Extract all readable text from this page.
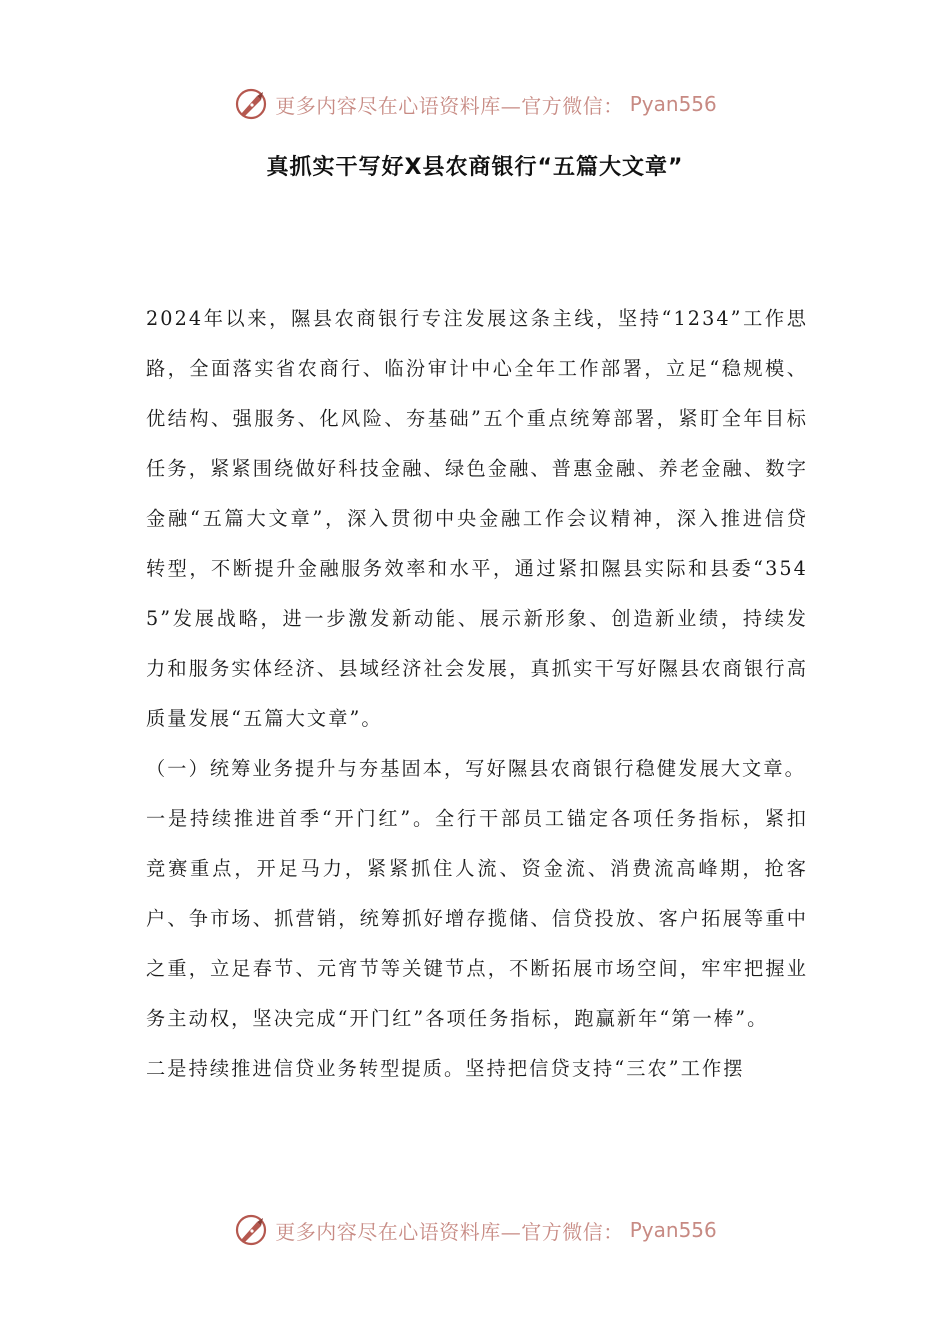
更多内容尽在心语资料库—官方微信： Pyan556
真抓实干写好X县农商银行“五篇大文章”

2024年以来，隰县农商银行专注发展这条主线，坚持“1234”工作思路，全面落实省农商行、临汾审计中心全年工作部署，立足“稳规模、优结构、强服务、化风险、夯基础”五个重点统筹部署，紧盯全年目标任务，紧紧围绕做好科技金融、绿色金融、普惠金融、养老金融、数字金融“五篇大文章”，深入贯彻中央金融工作会议精神，深入推进信贷转型，不断提升金融服务效率和水平，通过紧扣隰县实际和县委“3545”发展战略，进一步激发新动能、展示新形象、创造新业绩，持续发力和服务实体经济、县域经济社会发展，真抓实干写好隰县农商银行高质量发展“五篇大文章”。

（一）统筹业务提升与夯基固本，写好隰县农商银行稳健发展大文章。

一是持续推进首季“开门红”。全行干部员工锚定各项任务指标，紧扣竞赛重点，开足马力，紧紧抓住人流、资金流、消费流高峰期，抢客户、争市场、抓营销，统筹抓好增存揽储、信贷投放、客户拓展等重中之重，立足春节、元宵节等关键节点，不断拓展市场空间，牢牢把握业务主动权，坚决完成“开门红”各项任务指标，跑赢新年“第一棒”。

二是持续推进信贷业务转型提质。坚持把信贷支持“三农”工作摆

更多内容尽在心语资料库—官方微信： Pyan556
